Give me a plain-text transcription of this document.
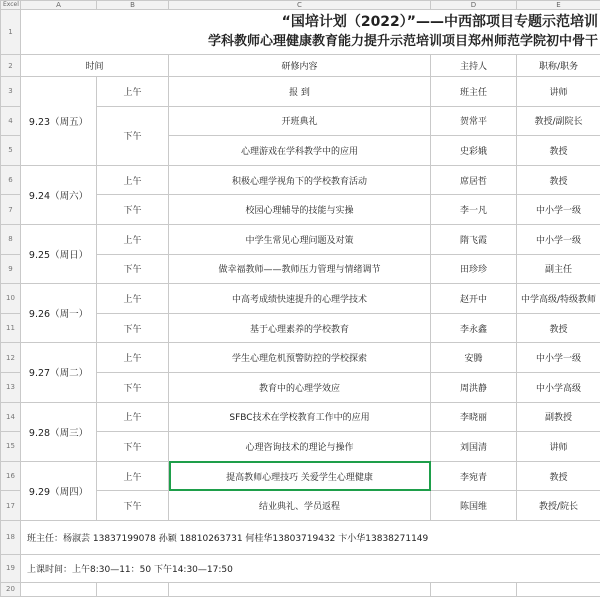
Excel	A	B	C	D	E
1	“国培计划（2022）”——中西部项目专题示范培训
学科教师心理健康教育能力提升示范培训项目郑州师范学院初中骨干				

2	时间		研修内容	主持人	职称/职务
3	9.23（周五）	上午	报 到	班主任	讲师
4		下午	开班典礼	贺常平	教授/副院长
5			心理游戏在学科教学中的应用	史彩娥	教授
6	9.24（周六）	上午	积极心理学视角下的学校教育活动	席居哲	教授
7		下午	校园心理辅导的技能与实操	李一凡	中小学一级
8	9.25（周日）	上午	中学生常见心理问题及对策	隋飞霞	中小学一级
9		下午	做幸福教师——教师压力管理与情绪调节	田珍珍	副主任
10	9.26（周一）	上午	中高考成绩快速提升的心理学技术	赵开中	中学高级/特级教师
11		下午	基于心理素养的学校教育	李永鑫	教授
12	9.27（周二）	上午	学生心理危机预警防控的学校探索	安腾	中小学一级
13		下午	教育中的心理学效应	周洪静	中小学高级
14	9.28（周三）	上午	SFBC技术在学校教育工作中的应用	李晓丽	副教授
15		下午	心理咨询技术的理论与操作	刘国清	讲师
16	9.29（周四）	上午	提高教师心理技巧 关爱学生心理健康	李宛青	教授
17		下午	结业典礼、学员返程	陈国维	教授/院长
18	班主任：杨淑芸 13837199078 孙颖 18810263731 何桂华13803719432 卞小华13838271149				
19	上课时间：上午8:30—11：50 下午14:30—17:50				
20					
